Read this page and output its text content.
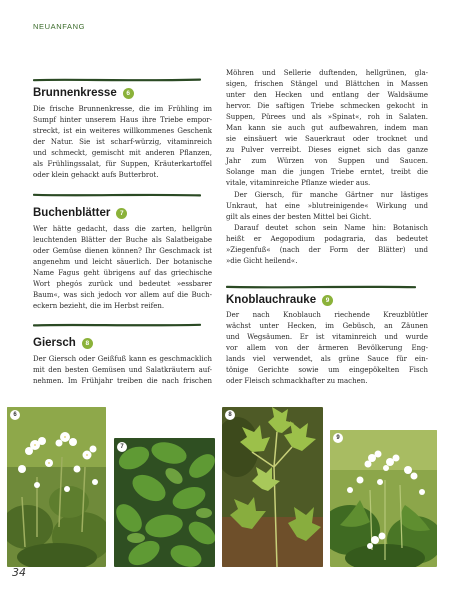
NEUANFANG
Brunnenkresse	6

Die frische Brunnenkresse, die im Frühling im

Sumpf hinter unserem Haus ihre Triebe empor-

streckt, ist ein weiteres willkommenes Geschenk

der Natur. Sie ist scharf-würzig, vitaminreich

und schmeckt, gemischt mit anderen Pflanzen,

als Frühlingssalat, für Suppen, Kräuterkartoffel

oder klein gehackt aufs Butterbrot.

Buchenblätter	7

Wer hätte gedacht, dass die zarten, hellgrün

leuchtenden Blätter der Buche als Salatbeigabe

oder Gemüse dienen können? Ihr Geschmack ist

angenehm und leicht säuerlich. Der botanische

Name Fagus geht übrigens auf das griechische

Wort phegós zurück und bedeutet »essbarer

Baum«, was sich jedoch vor allem auf die Buch-

eckern bezieht, die im Herbst reifen.

Giersch	8

Der Giersch oder Geißfuß kann es geschmacklich

mit den besten Gemüsen und Salatkräutern auf-

nehmen. Im Frühjahr treiben die nach frischen

Möhren und Sellerie duftenden, hellgrünen, gla-

sigen, frischen Stängel und Blättchen in Massen

unter den Hecken und entlang der Waldsäume

hervor. Die saftigen Triebe schmecken gekocht in

Suppen, Pürees und als »Spinat«, roh in Salaten.

Man kann sie auch gut aufbewahren, indem man

sie einsäuert wie Sauerkraut oder trocknet und

zu Pulver verreibt. Dieses eignet sich das ganze

Jahr zum Würzen von Suppen und Saucen.

Solange man die jungen Triebe erntet, treibt die

vitale, vitaminreiche Pflanze wieder aus.

Der Giersch, für manche Gärtner nur lästiges

Unkraut, hat eine »blutreinigende« Wirkung und

gilt als eines der besten Mittel bei Gicht.

Darauf deutet schon sein Name hin: Botanisch

heißt er Aegopodium podagraria, das bedeutet

»Ziegenfuß« (nach der Form der Blätter) und

»die Gicht heilend«.

Knoblauchrauke	9

Der nach Knoblauch riechende Kreuzblütler

wächst unter Hecken, im Gebüsch, an Zäunen

und Wegsäumen. Er ist vitaminreich und wurde

vor allem von der ärmeren Bevölkerung Eng-

lands viel verwendet, als grüne Sauce für ein-

tönige Gerichte sowie um eingepökelten Fisch

oder Fleisch schmackhafter zu machen.

6
7
8
9
34
